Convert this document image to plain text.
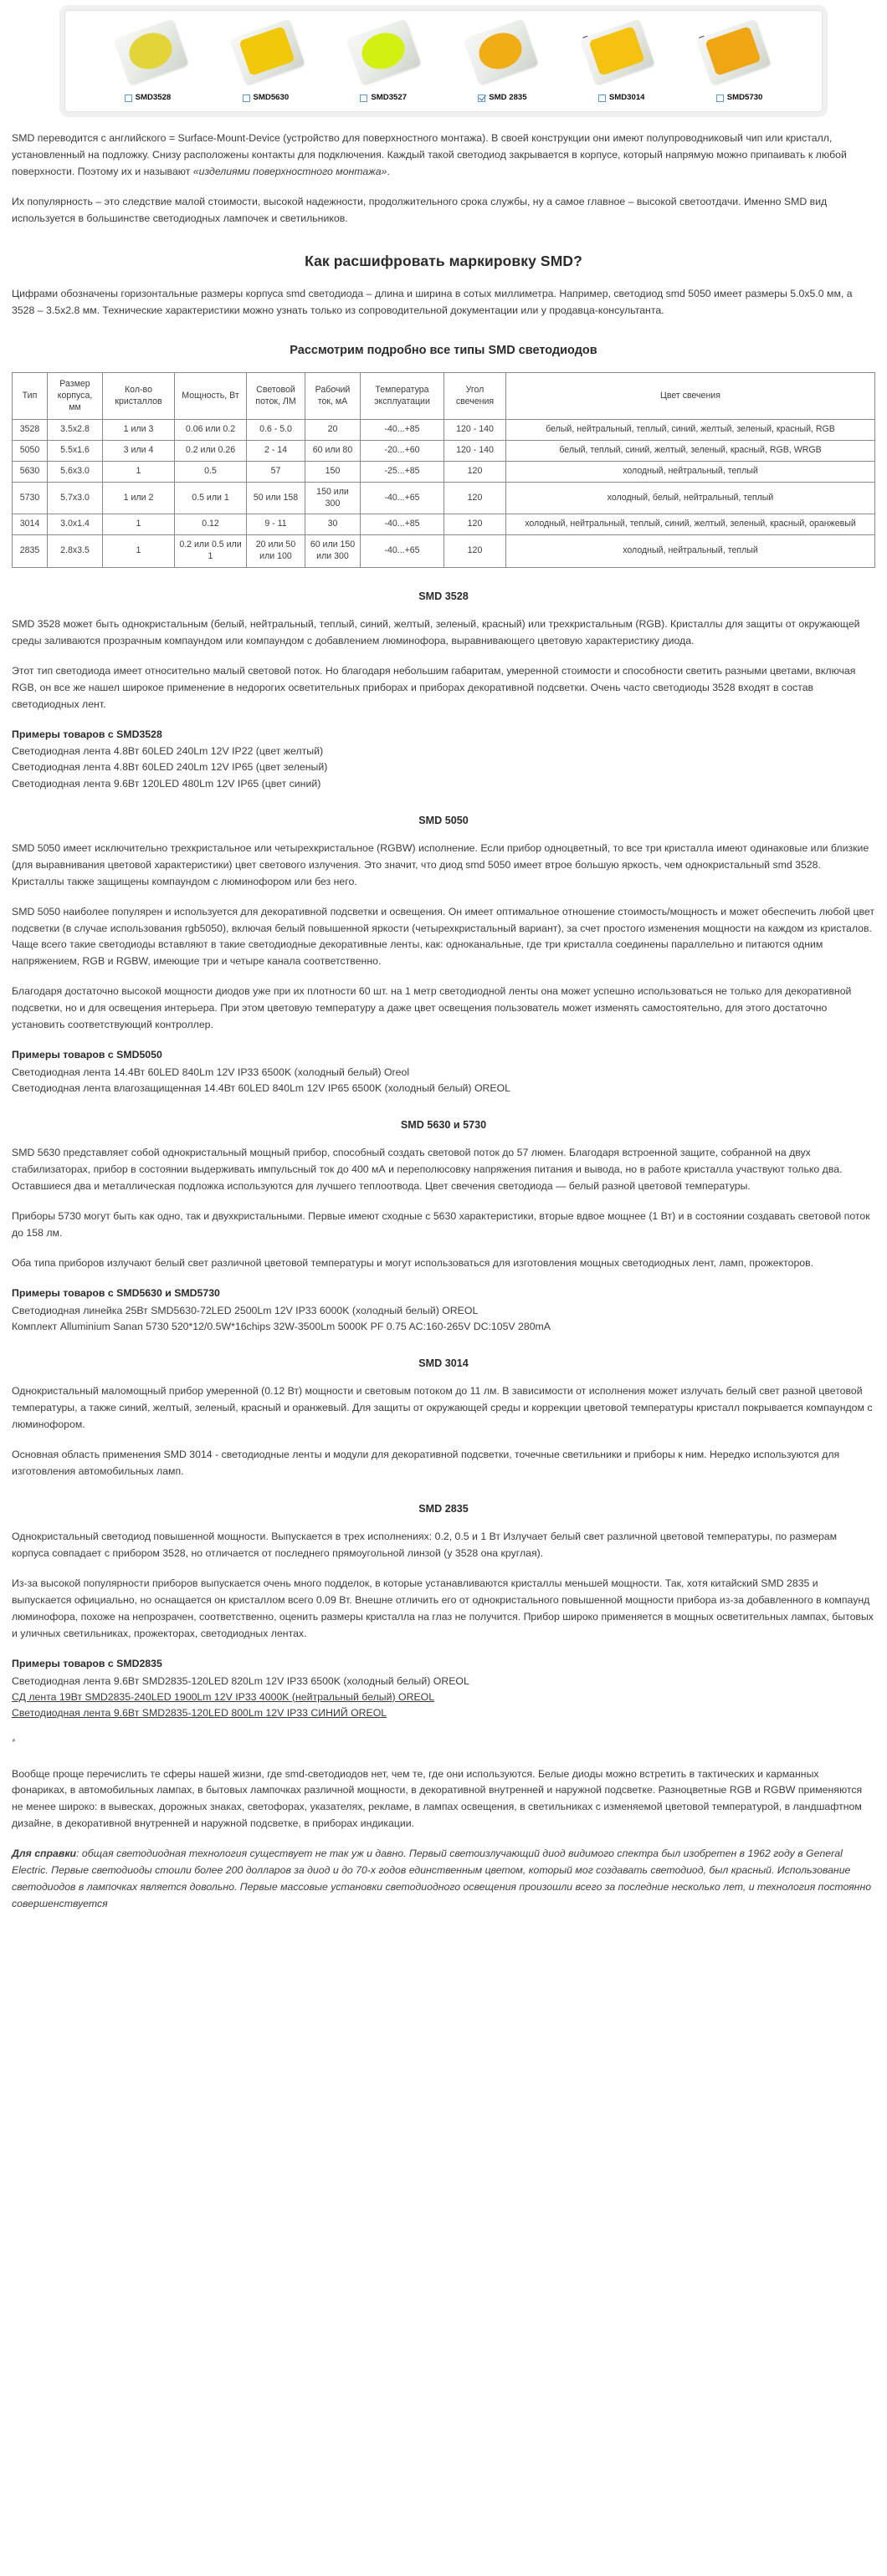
SMD3528	SMD5630	SMD3527	SMD 2835	SMD3014	SMD5730

SMD переводится с английского = Surface-Mount-Device (устройство для поверхностного монтажа). В своей конструкции они имеют полупроводниковый чип или кристалл, установленный на подложку. Снизу расположены контакты для подключения. Каждый такой светодиод закрывается в корпусе, который напрямую можно припаивать к любой поверхности. Поэтому их и называют «изделиями поверхностного монтажа».

Их популярность – это следствие малой стоимости, высокой надежности, продолжительного срока службы, ну а самое главное – высокой светоотдачи. Именно SMD вид используется в большинстве светодиодных лампочек и светильников.

Как расшифровать маркировку SMD?

Цифрами обозначены горизонтальные размеры корпуса smd светодиода – длина и ширина в сотых миллиметра. Например, светодиод smd 5050 имеет размеры 5.0х5.0 мм, а 3528 – 3.5х2.8 мм. Технические характеристики можно узнать только из сопроводительной документации или у продавца-консультанта.

Рассмотрим подробно все типы SMD светодиодов
Тип	Размер корпуса, мм	Кол-во кристаллов	Мощность, Вт	Световой поток, ЛМ	Рабочий ток, мА	Температура эксплуатации	Угол свечения	Цвет свечения
3528	3.5x2.8	1 или 3	0.06 или 0.2	0.6 - 5.0	20	-40...+85	120 - 140	белый, нейтральный, теплый, синий, желтый, зеленый, красный, RGB
5050	5.5x1.6	3 или 4	0.2 или 0.26	2 - 14	60 или 80	-20...+60	120 - 140	белый, теплый, синий, желтый, зеленый, красный, RGB, WRGB
5630	5.6x3.0	1	0.5	57	150	-25...+85	120	холодный, нейтральный, теплый
5730	5.7x3.0	1 или 2	0.5 или 1	50 или 158	150 или 300	-40...+65	120	холодный, белый, нейтральный, теплый
3014	3.0x1.4	1	0.12	9 - 11	30	-40...+85	120	холодный, нейтральный, теплый, синий, желтый, зеленый, красный, оранжевый
2835	2.8x3.5	1	0.2 или 0.5 или 1	20 или 50 или 100	60 или 150 или 300	-40...+65	120	холодный, нейтральный, теплый
SMD 3528

SMD 3528 может быть однокристальным (белый, нейтральный, теплый, синий, желтый, зеленый, красный) или трехкристальным (RGB). Кристаллы для защиты от окружающей среды заливаются прозрачным компаундом или компаундом с добавлением люминофора, выравнивающего цветовую характеристику диода.

Этот тип светодиода имеет относительно малый световой поток. Но благодаря небольшим габаритам, умеренной стоимости и способности светить разными цветами, включая RGB, он все же нашел широкое применение в недорогих осветительных приборах и приборах декоративной подсветки. Очень часто светодиоды 3528 входят в состав светодиодных лент.

Примеры товаров с SMD3528
Светодиодная лента 4.8Вт 60LED 240Lm 12V IP22 (цвет желтый)
Светодиодная лента 4.8Вт 60LED 240Lm 12V IP65 (цвет зеленый)
Светодиодная лента 9.6Вт 120LED 480Lm 12V IP65 (цвет синий)
SMD 5050

SMD 5050 имеет исключительно трехкристальное или четырехкристальное (RGBW) исполнение. Если прибор одноцветный, то все три кристалла имеют одинаковые или близкие (для выравнивания цветовой характеристики) цвет светового излучения. Это значит, что диод smd 5050 имеет втрое большую яркость, чем однокристальный smd 3528. Кристаллы также защищены компаундом с люминофором или без него.

SMD 5050 наиболее популярен и используется для декоративной подсветки и освещения. Он имеет оптимальное отношение стоимость/мощность и может обеспечить любой цвет подсветки (в случае использования rgb5050), включая белый повышенной яркости (четырехкристальный вариант), за счет простого изменения мощности на каждом из кристалов. Чаще всего такие светодиоды вставляют в такие светодиодные декоративные ленты, как: одноканальные, где три кристалла соединены параллельно и питаются одним напряжением, RGB и RGBW, имеющие три и четыре канала соответственно.

Благодаря достаточно высокой мощности диодов уже при их плотности 60 шт. на 1 метр светодиодной ленты она может успешно использоваться не только для декоративной подсветки, но и для освещения интерьера. При этом цветовую температуру а даже цвет освещения пользователь может изменять самостоятельно, для этого достаточно установить соответствующий контроллер.

Примеры товаров с SMD5050
Светодиодная лента 14.4Вт 60LED 840Lm 12V IP33 6500K (холодный белый) Oreol
Светодиодная лента влагозащищенная 14.4Вт 60LED 840Lm 12V IP65 6500K (холодный белый) OREOL
SMD 5630 и 5730

SMD 5630 представляет собой однокристальный мощный прибор, способный создать световой поток до 57 люмен. Благодаря встроенной защите, собранной на двух стабилизаторах, прибор в состоянии выдерживать импульсный ток до 400 мА и переполюсовку напряжения питания и вывода, но в работе кристалла участвуют только два. Оставшиеся два и металлическая подложка используются для лучшего теплоотвода. Цвет свечения светодиода — белый разной цветовой температуры.

Приборы 5730 могут быть как одно, так и двухкристальными. Первые имеют сходные с 5630 характеристики, вторые вдвое мощнее (1 Вт) и в состоянии создавать световой поток до 158 лм.

Оба типа приборов излучают белый свет различной цветовой температуры и могут использоваться для изготовления мощных светодиодных лент, ламп, прожекторов.

Примеры товаров с SMD5630 и SMD5730
Светодиодная линейка 25Вт SMD5630-72LED 2500Lm 12V IP33 6000K (холодный белый) OREOL
Комплект Alluminium Sanan 5730 520*12/0.5W*16chips 32W-3500Lm 5000K PF 0.75 AC:160-265V DC:105V 280mA
SMD 3014

Однокристальный маломощный прибор умеренной (0.12 Вт) мощности и световым потоком до 11 лм. В зависимости от исполнения может излучать белый свет разной цветовой температуры, а также синий, желтый, зеленый, красный и оранжевый. Для защиты от окружающей среды и коррекции цветовой температуры кристалл покрывается компаундом с люминофором.

Основная область применения SMD 3014 - светодиодные ленты и модули для декоративной подсветки, точечные светильники и приборы к ним. Нередко используются для изготовления автомобильных ламп.

SMD 2835

Однокристальный светодиод повышенной мощности. Выпускается в трех исполнениях: 0.2, 0.5 и 1 Вт Излучает белый свет различной цветовой температуры, по размерам корпуса совпадает с прибором 3528, но отличается от последнего прямоугольной линзой (у 3528 она круглая).

Из-за высокой популярности приборов выпускается очень много подделок, в которые устанавливаются кристаллы меньшей мощности. Так, хотя китайский SMD 2835 и выпускается официально, но оснащается он кристаллом всего 0.09 Вт. Внешне отличить его от однокристального повышенной мощности прибора из-за добавленного в компаунд люминофора, похоже на непрозрачен, соответственно, оценить размеры кристалла на глаз не получится. Прибор широко применяется в мощных осветительных лампах, бытовых и уличных светильниках, прожекторах, светодиодных лентах.

Примеры товаров с SMD2835
Светодиодная лента 9.6Вт SMD2835-120LED 820Lm 12V IP33 6500K (холодный белый) OREOL
СД лента 19Вт SMD2835-240LED 1900Lm 12V IP33 4000K (нейтральный белый) OREOL
Светодиодная лента 9.6Вт SMD2835-120LED 800Lm 12V IP33 СИНИЙ OREOL
*

Вообще проще перечислить те сферы нашей жизни, где smd-светодиодов нет, чем те, где они используются. Белые диоды можно встретить в тактических и карманных фонариках, в автомобильных лампах, в бытовых лампочках различной мощности, в декоративной внутренней и наружной подсветке. Разноцветные RGB и RGBW применяются не менее широко: в вывесках, дорожных знаках, светофорах, указателях, рекламе, в лампах освещения, в светильниках с изменяемой цветовой температурой, в ландшафтном дизайне, в декоративной внутренней и наружной подсветке, в приборах индикации.

Для справки: общая светодиодная технология существует не так уж и давно. Первый светоизлучающий диод видимого спектра был изобретен в 1962 году в General Electric. Первые светодиоды стоили более 200 долларов за диод и до 70-х годов единственным цветом, который мог создавать светодиод, был красный. Использование светодиодов в лампочках является довольно. Первые массовые установки светодиодного освещения произошли всего за последние несколько лет, и технология постоянно совершенствуется
